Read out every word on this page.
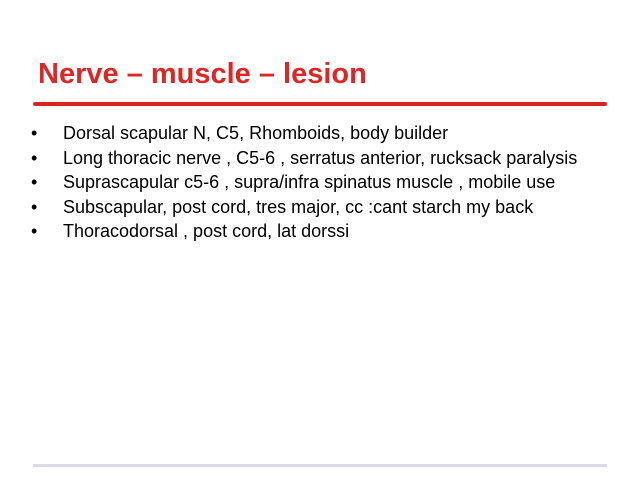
Nerve – muscle – lesion
•	Dorsal scapular N, C5, Rhomboids, body builder
•	Long thoracic nerve , C5-6 , serratus anterior, rucksack paralysis
•	Suprascapular c5-6 , supra/infra spinatus muscle , mobile use
•	Subscapular, post cord, tres major, cc :cant starch my back
•	Thoracodorsal , post cord, lat dorssi
